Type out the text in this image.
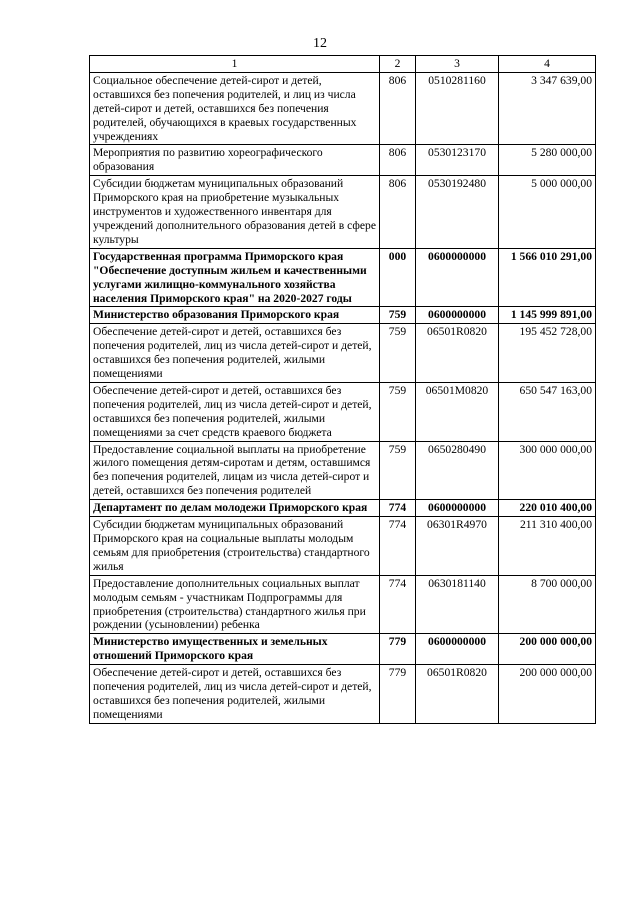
12
1	2	3	4
Социальное обеспечение детей-сирот и детей, оставшихся без попечения родителей, и лиц из числа детей-сирот и детей, оставшихся без попечения родителей, обучающихся в краевых государственных учреждениях	806	0510281160	3 347 639,00
Мероприятия по развитию хореографического образования	806	0530123170	5 280 000,00
Субсидии бюджетам муниципальных образований Приморского края на приобретение музыкальных инструментов и художественного инвентаря для учреждений дополнительного образования детей в сфере культуры	806	0530192480	5 000 000,00
Государственная программа Приморского края "Обеспечение доступным жильем и качественными услугами жилищно-коммунального хозяйства населения Приморского края" на 2020-2027 годы	000	0600000000	1 566 010 291,00
Министерство образования Приморского края	759	0600000000	1 145 999 891,00
Обеспечение детей-сирот и детей, оставшихся без попечения родителей, лиц из числа детей-сирот и детей, оставшихся без попечения родителей, жилыми помещениями	759	06501R0820	195 452 728,00
Обеспечение детей-сирот и детей, оставшихся без попечения родителей, лиц из числа детей-сирот и детей, оставшихся без попечения родителей, жилыми помещениями за счет средств краевого бюджета	759	06501М0820	650 547 163,00
Предоставление социальной выплаты на приобретение жилого помещения детям-сиротам и детям, оставшимся без попечения родителей, лицам из числа детей-сирот и детей, оставшихся без попечения родителей	759	0650280490	300 000 000,00
Департамент по делам молодежи Приморского края	774	0600000000	220 010 400,00
Субсидии бюджетам муниципальных образований Приморского края на социальные выплаты молодым семьям для приобретения (строительства) стандартного жилья	774	06301R4970	211 310 400,00
Предоставление дополнительных социальных выплат молодым семьям - участникам Подпрограммы для приобретения (строительства) стандартного жилья при рождении (усыновлении) ребенка	774	0630181140	8 700 000,00
Министерство имущественных и земельных отношений Приморского края	779	0600000000	200 000 000,00
Обеспечение детей-сирот и детей, оставшихся без попечения родителей, лиц из числа детей-сирот и детей, оставшихся без попечения родителей, жилыми помещениями	779	06501R0820	200 000 000,00
